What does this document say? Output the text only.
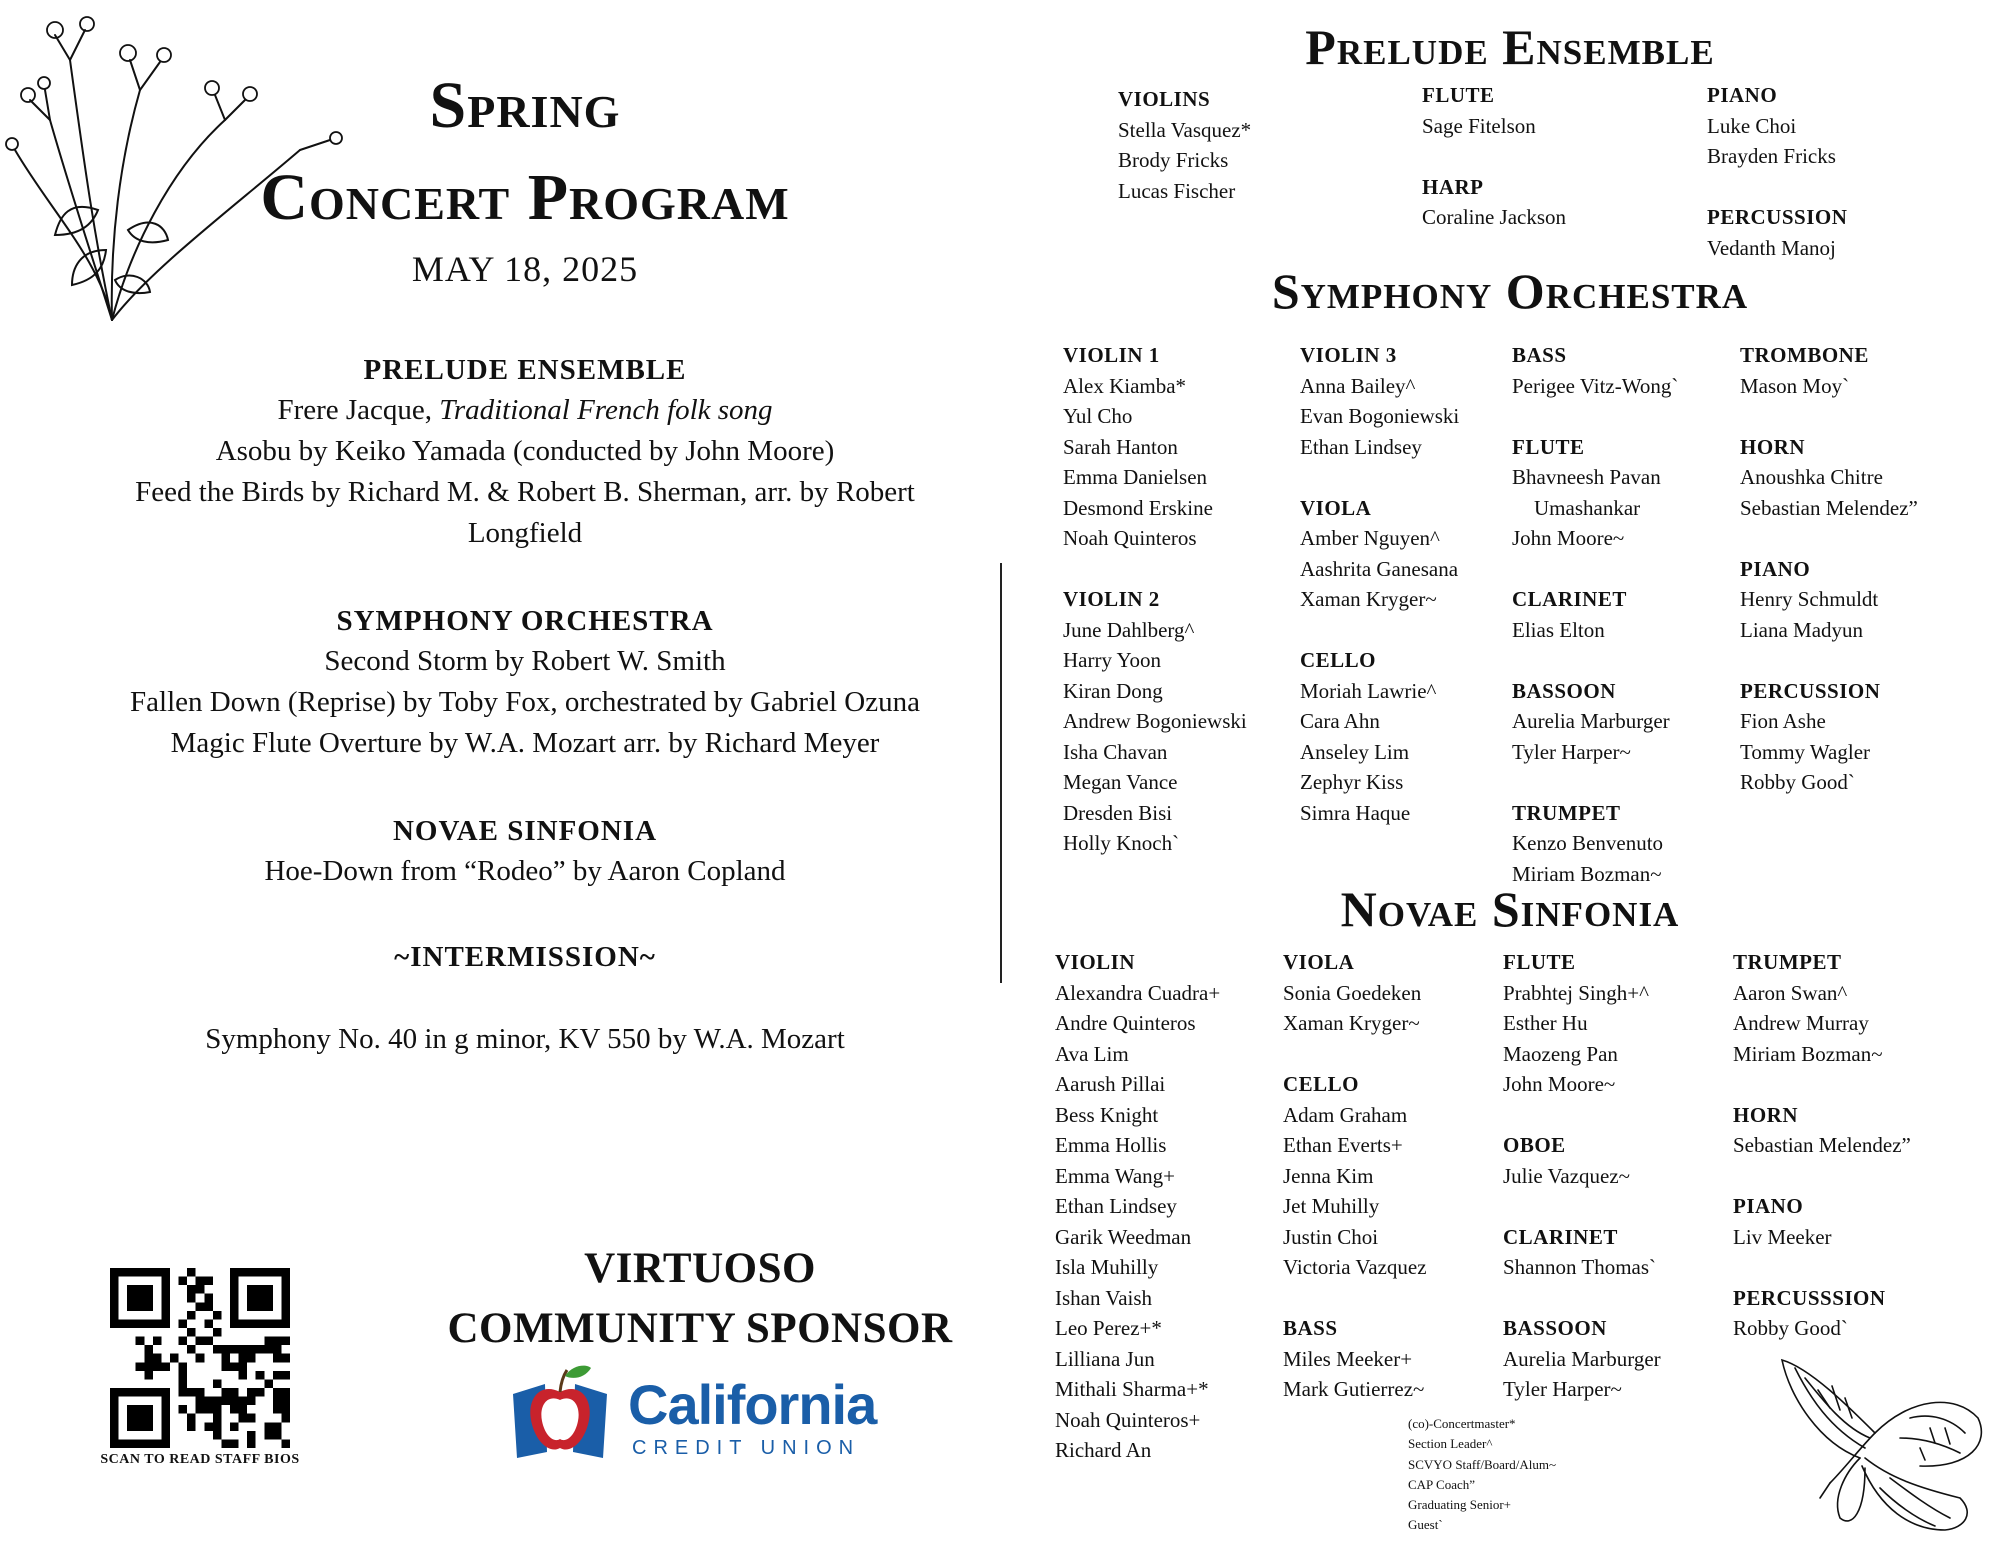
Spring
Concert Program
MAY 18, 2025
PRELUDE ENSEMBLE
Frere Jacque, Traditional French folk song
Asobu by Keiko Yamada (conducted by John Moore)
Feed the Birds by Richard M. & Robert B. Sherman, arr. by Robert
Longfield
SYMPHONY ORCHESTRA
Second Storm by Robert W. Smith
Fallen Down (Reprise) by Toby Fox, orchestrated by Gabriel Ozuna
Magic Flute Overture by W.A. Mozart arr. by Richard Meyer
NOVAE SINFONIA
Hoe-Down from “Rodeo” by Aaron Copland
~INTERMISSION~
Symphony No. 40 in g minor, KV 550 by W.A. Mozart
SCAN TO READ STAFF BIOS
VIRTUOSO
COMMUNITY SPONSOR
California
CREDIT UNION
Prelude Ensemble
VIOLINS
Stella Vasquez*
Brody Fricks
Lucas Fischer
FLUTE
Sage Fitelson
HARP
Coraline Jackson
PIANO
Luke Choi
Brayden Fricks
PERCUSSION
Vedanth Manoj
Symphony Orchestra
VIOLIN 1
Alex Kiamba*
Yul Cho
Sarah Hanton
Emma Danielsen
Desmond Erskine
Noah Quinteros
VIOLIN 2
June Dahlberg^
Harry Yoon
Kiran Dong
Andrew Bogoniewski
Isha Chavan
Megan Vance
Dresden Bisi
Holly Knoch`
VIOLIN 3
Anna Bailey^
Evan Bogoniewski
Ethan Lindsey
VIOLA
Amber Nguyen^
Aashrita Ganesana
Xaman Kryger~
CELLO
Moriah Lawrie^
Cara Ahn
Anseley Lim
Zephyr Kiss
Simra Haque
BASS
Perigee Vitz-Wong`
FLUTE
Bhavneesh Pavan
Umashankar
John Moore~
CLARINET
Elias Elton
BASSOON
Aurelia Marburger
Tyler Harper~
TRUMPET
Kenzo Benvenuto
Miriam Bozman~
TROMBONE
Mason Moy`
HORN
Anoushka Chitre
Sebastian Melendez”
PIANO
Henry Schmuldt
Liana Madyun
PERCUSSION
Fion Ashe
Tommy Wagler
Robby Good`
Novae Sinfonia
VIOLIN
Alexandra Cuadra+
Andre Quinteros
Ava Lim
Aarush Pillai
Bess Knight
Emma Hollis
Emma Wang+
Ethan Lindsey
Garik Weedman
Isla Muhilly
Ishan Vaish
Leo Perez+*
Lilliana Jun
Mithali Sharma+*
Noah Quinteros+
Richard An
VIOLA
Sonia Goedeken
Xaman Kryger~
CELLO
Adam Graham
Ethan Everts+
Jenna Kim
Jet Muhilly
Justin Choi
Victoria Vazquez
BASS
Miles Meeker+
Mark Gutierrez~
FLUTE
Prabhtej Singh+^
Esther Hu
Maozeng Pan
John Moore~
OBOE
Julie Vazquez~
CLARINET
Shannon Thomas`
BASSOON
Aurelia Marburger
Tyler Harper~
TRUMPET
Aaron Swan^
Andrew Murray
Miriam Bozman~
HORN
Sebastian Melendez”
PIANO
Liv Meeker
PERCUSSSION
Robby Good`
(co)-Concertmaster*
Section Leader^
SCVYO Staff/Board/Alum~
CAP Coach”
Graduating Senior+
Guest`
